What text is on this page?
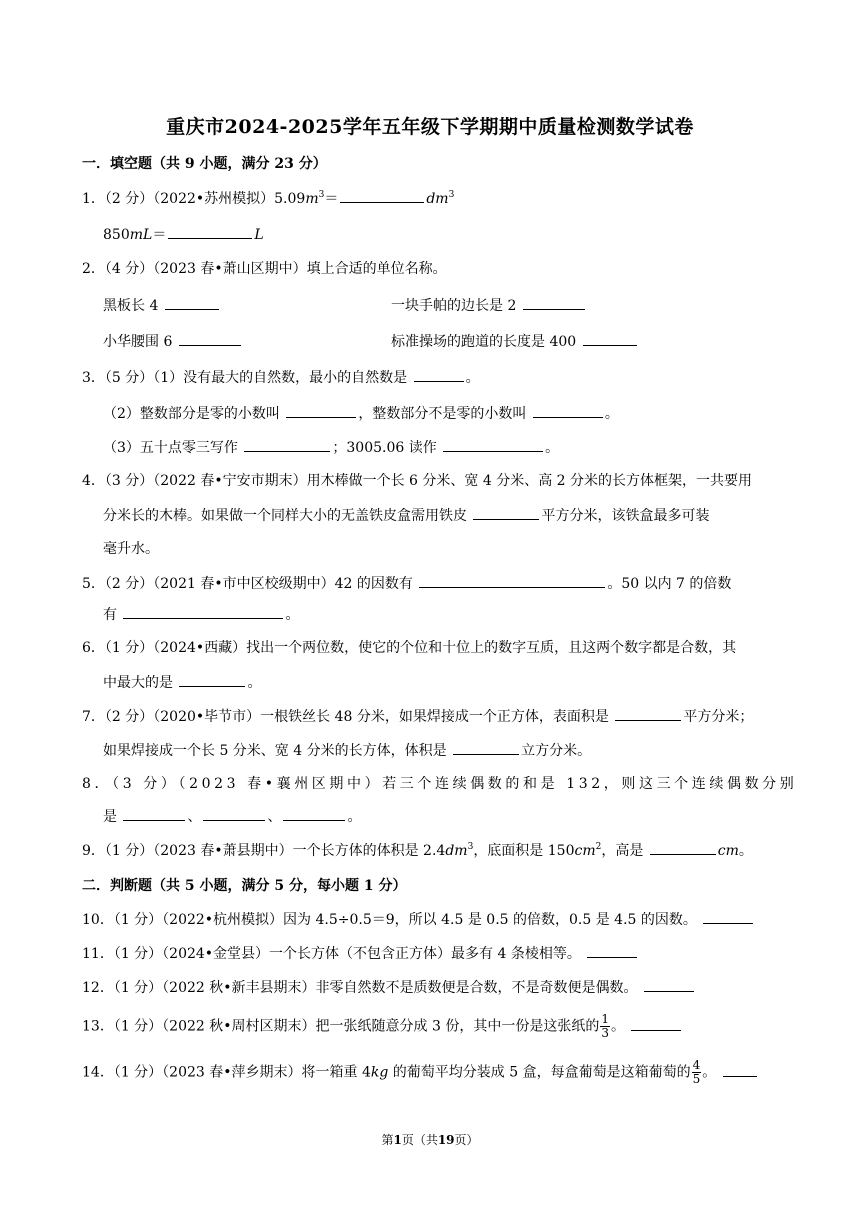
重庆市2024-2025学年五年级下学期期中质量检测数学试卷
一．填空题（共 9 小题，满分 23 分）
1．（2 分）（2022•苏州模拟）$5.09m^3=$	$dm^3$
850mL＝	L
2．（4 分）（2023 春•萧山区期中）填上合适的单位名称。
黑板长 4	一块手帕的边长是 2
小华腰围 6	标准操场的跑道的长度是 400
3．（5 分）（1）没有最大的自然数，最小的自然数是	。
（2）整数部分是零的小数叫	，整数部分不是零的小数叫	。
（3）五十点零三写作	；3005.06 读作	。
4．（3 分）（2022 春•宁安市期末）用木棒做一个长 6 分米、宽 4 分米、高 2 分米的长方体框架，一共要用
分米长的木棒。如果做一个同样大小的无盖铁皮盒需用铁皮	平方分米，该铁盒最多可装
毫升水。
5．（2 分）（2021 春•市中区校级期中）42 的因数有	。50 以内 7 的倍数
有	。
6．（1 分）（2024•西藏）找出一个两位数，使它的个位和十位上的数字互质，且这两个数字都是合数，其
中最大的是	。
7．（2 分）（2020•毕节市）一根铁丝长 48 分米，如果焊接成一个正方体，表面积是	平方分米；
如果焊接成一个长 5 分米、宽 4 分米的长方体，体积是	立方分米。
8．（3 分）（2023 春•襄州区期中）若三个连续偶数的和是 132，则这三个连续偶数分别
是	、	、	。
9．（1 分）（2023 春•萧县期中）一个长方体的体积是 $2.4dm^3$，底面积是 $150cm^2$，高是	cm。
二．判断题（共 5 小题，满分 5 分，每小题 1 分）
10．（1 分）（2022•杭州模拟）因为 4.5÷0.5＝9，所以 4.5 是 0.5 的倍数，0.5 是 4.5 的因数。
11．（1 分）（2024•金堂县）一个长方体（不包含正方体）最多有 4 条棱相等。
12．（1 分）（2022 秋•新丰县期末）非零自然数不是质数便是合数，不是奇数便是偶数。
13．（1 分）（2022 秋•周村区期末）把一张纸随意分成 3 份，其中一份是这张纸的 $\frac{1}{3}$ 。
14．（1 分）（2023 春•萍乡期末）将一箱重 4kg 的葡萄平均分装成 5 盒，每盒葡萄是这箱葡萄的 $\frac{4}{5}$ 。
第1页（共19页）
